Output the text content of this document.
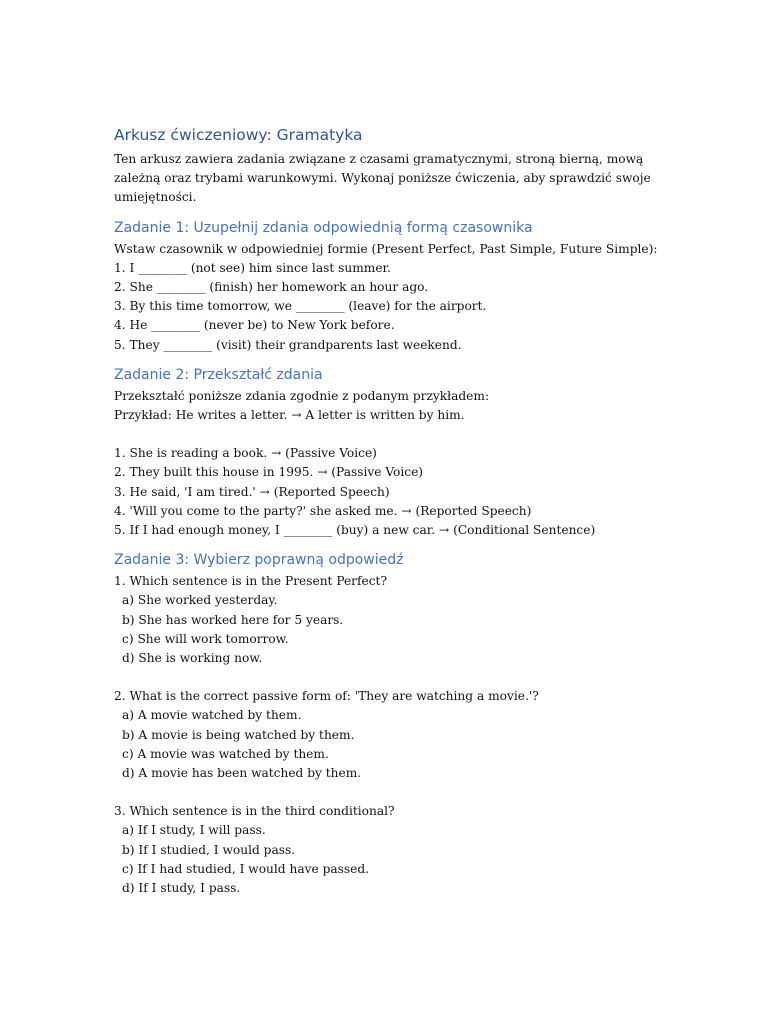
Arkusz ćwiczeniowy: Gramatyka

Ten arkusz zawiera zadania związane z czasami gramatycznymi, stroną bierną, mową zależną oraz trybami warunkowymi. Wykonaj poniższe ćwiczenia, aby sprawdzić swoje umiejętności.

Zadanie 1: Uzupełnij zdania odpowiednią formą czasownika

Wstaw czasownik w odpowiedniej formie (Present Perfect, Past Simple, Future Simple):

1. I ________ (not see) him since last summer.

2. She ________ (finish) her homework an hour ago.

3. By this time tomorrow, we ________ (leave) for the airport.

4. He ________ (never be) to New York before.

5. They ________ (visit) their grandparents last weekend.

Zadanie 2: Przekształć zdania

Przekształć poniższe zdania zgodnie z podanym przykładem:

Przykład: He writes a letter. → A letter is written by him.

1. She is reading a book. → (Passive Voice)

2. They built this house in 1995. → (Passive Voice)

3. He said, 'I am tired.' → (Reported Speech)

4. 'Will you come to the party?' she asked me. → (Reported Speech)

5. If I had enough money, I ________ (buy) a new car. → (Conditional Sentence)

Zadanie 3: Wybierz poprawną odpowiedź

1. Which sentence is in the Present Perfect?

a) She worked yesterday.

b) She has worked here for 5 years.

c) She will work tomorrow.

d) She is working now.

2. What is the correct passive form of: 'They are watching a movie.'?

a) A movie watched by them.

b) A movie is being watched by them.

c) A movie was watched by them.

d) A movie has been watched by them.

3. Which sentence is in the third conditional?

a) If I study, I will pass.

b) If I studied, I would pass.

c) If I had studied, I would have passed.

d) If I study, I pass.
